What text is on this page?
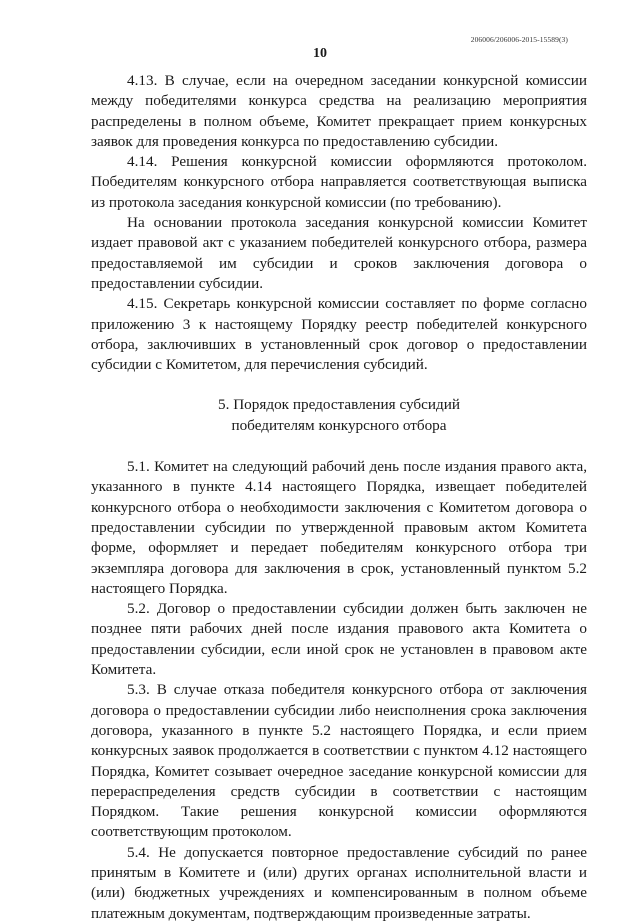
206006/206006-2015-15589(3)
10

4.13. В случае, если на очередном заседании конкурсной комиссии между победителями конкурса средства на реализацию мероприятия распределены в полном объеме, Комитет прекращает прием конкурсных заявок для проведения конкурса по предоставлению субсидии.

4.14. Решения конкурсной комиссии оформляются протоколом. Победителям конкурсного отбора направляется соответствующая выписка из протокола заседания конкурсной комиссии (по требованию).

На основании протокола заседания конкурсной комиссии Комитет издает правовой акт с указанием победителей конкурсного отбора, размера предоставляемой им субсидии и сроков заключения договора о предоставлении субсидии.

4.15. Секретарь конкурсной комиссии составляет по форме согласно приложению 3 к настоящему Порядку реестр победителей конкурсного отбора, заключивших в установленный срок договор о предоставлении субсидии с Комитетом, для перечисления субсидий.

5. Порядок предоставления субсидий
победителям конкурсного отбора

5.1. Комитет на следующий рабочий день после издания правого акта, указанного в пункте 4.14 настоящего Порядка, извещает победителей конкурсного отбора о необходимости заключения с Комитетом договора о предоставлении субсидии по утвержденной правовым актом Комитета форме, оформляет и передает победителям конкурсного отбора три экземпляра договора для заключения в срок, установленный пунктом 5.2 настоящего Порядка.

5.2. Договор о предоставлении субсидии должен быть заключен не позднее пяти рабочих дней после издания правового акта Комитета о предоставлении субсидии, если иной срок не установлен в правовом акте Комитета.

5.3. В случае отказа победителя конкурсного отбора от заключения договора о предоставлении субсидии либо неисполнения срока заключения договора, указанного в пункте 5.2 настоящего Порядка, и если прием конкурсных заявок продолжается в соответствии с пунктом 4.12 настоящего Порядка, Комитет созывает очередное заседание конкурсной комиссии для перераспределения средств субсидии в соответствии с настоящим Порядком. Такие решения конкурсной комиссии оформляются соответствующим протоколом.

5.4. Не допускается повторное предоставление субсидий по ранее принятым в Комитете и (или) других органах исполнительной власти и (или) бюджетных учреждениях и компенсированным в полном объеме платежным документам, подтверждающим произведенные затраты.
